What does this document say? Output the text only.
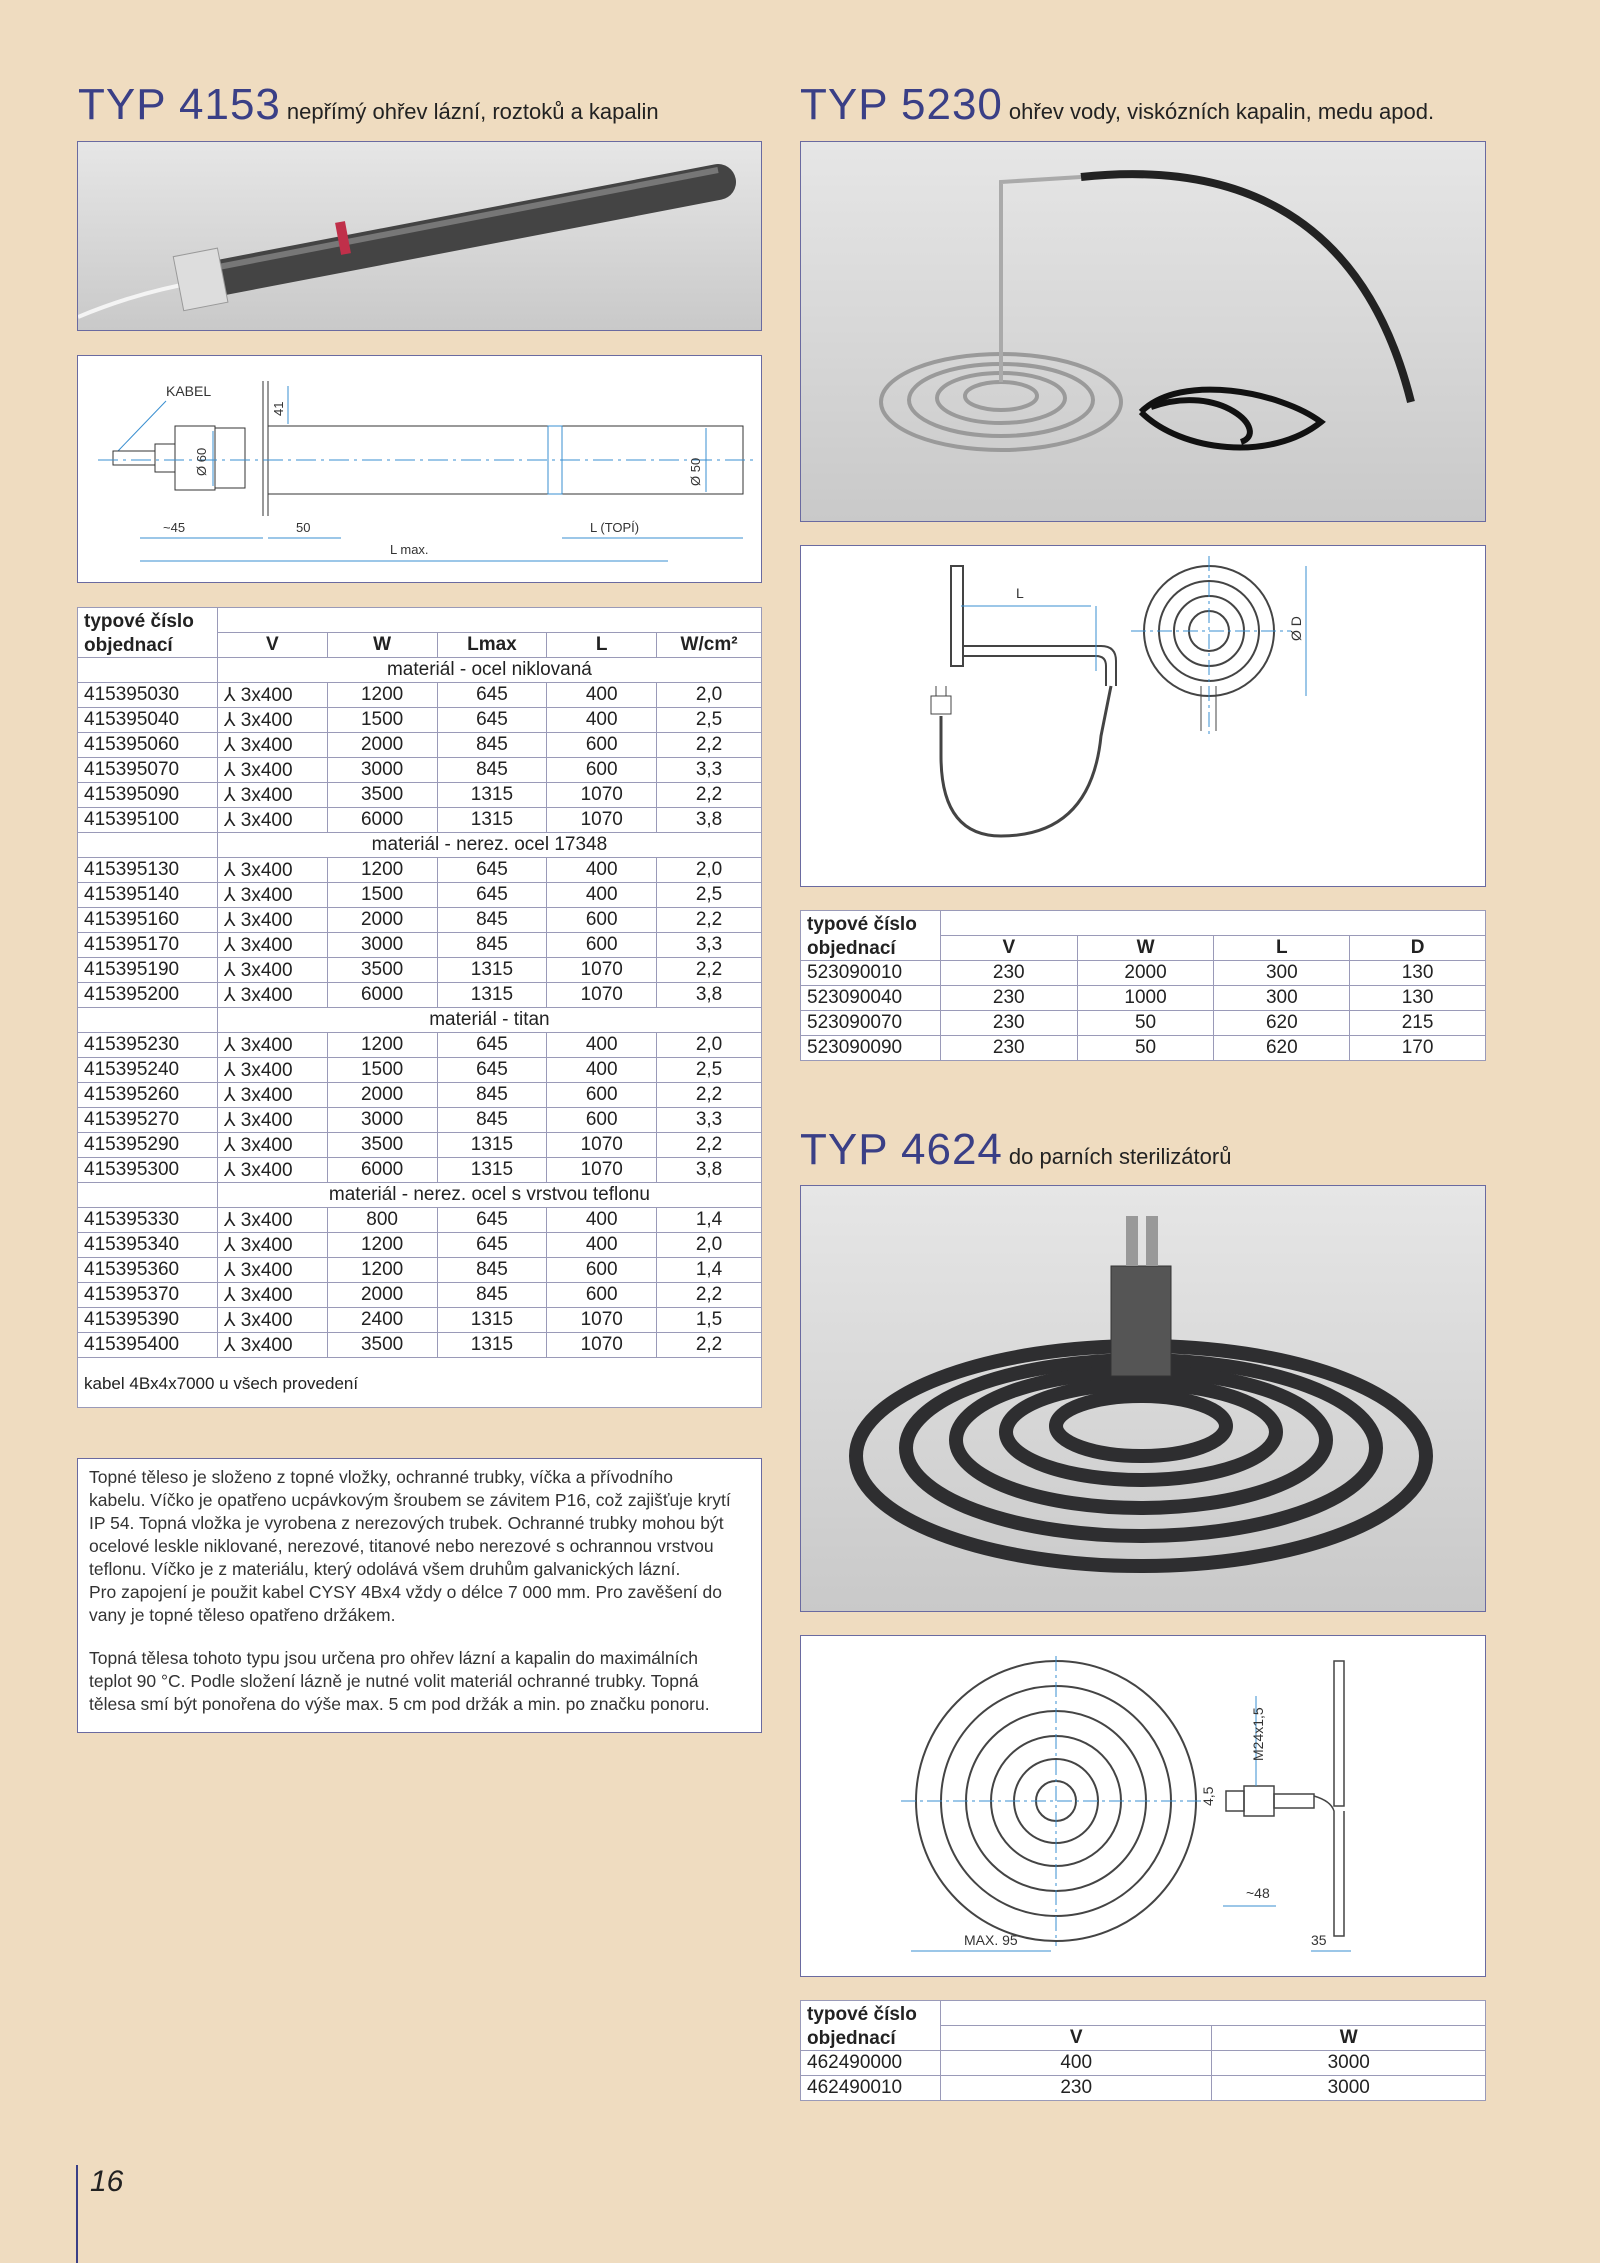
TYP 4153 nepřímý ohřev lázní, roztoků a kapalin	TYP 5230 ohřev vody, viskózních kapalin, medu apod.
TYP 4624 do parních sterilizátorů
KABEL
41
Ø 60	Ø 50
~45	50	L (TOPÍ)
L max.
typové číslo					
objednací	V	W	Lmax	L	W/cm²
	materiál - ocel niklovaná				
415395030	⅄ 3x400	1200	645	400	2,0
415395040	⅄ 3x400	1500	645	400	2,5
415395060	⅄ 3x400	2000	845	600	2,2
415395070	⅄ 3x400	3000	845	600	3,3
415395090	⅄ 3x400	3500	1315	1070	2,2
415395100	⅄ 3x400	6000	1315	1070	3,8
	materiál - nerez. ocel 17348				
415395130	⅄ 3x400	1200	645	400	2,0
415395140	⅄ 3x400	1500	645	400	2,5
415395160	⅄ 3x400	2000	845	600	2,2
415395170	⅄ 3x400	3000	845	600	3,3
415395190	⅄ 3x400	3500	1315	1070	2,2
415395200	⅄ 3x400	6000	1315	1070	3,8
	materiál - titan				
415395230	⅄ 3x400	1200	645	400	2,0
415395240	⅄ 3x400	1500	645	400	2,5
415395260	⅄ 3x400	2000	845	600	2,2
415395270	⅄ 3x400	3000	845	600	3,3
415395290	⅄ 3x400	3500	1315	1070	2,2
415395300	⅄ 3x400	6000	1315	1070	3,8
	materiál - nerez. ocel s vrstvou teflonu				
415395330	⅄ 3x400	800	645	400	1,4
415395340	⅄ 3x400	1200	645	400	2,0
415395360	⅄ 3x400	1200	845	600	1,4
415395370	⅄ 3x400	2000	845	600	2,2
415395390	⅄ 3x400	2400	1315	1070	1,5
415395400	⅄ 3x400	3500	1315	1070	2,2

kabel 4Bx4x7000 u všech provedení					
Topné těleso je složeno z topné vložky, ochranné trubky, víčka a přívodního
kabelu. Víčko je opatřeno ucpávkovým šroubem se závitem P16, což zajišťuje krytí
IP 54. Topná vložka je vyrobena z nerezových trubek. Ochranné trubky mohou být
ocelové leskle niklované, nerezové, titanové nebo nerezové s ochrannou vrstvou
teflonu. Víčko je z materiálu, který odolává všem druhům galvanických lázní.
Pro zapojení je použit kabel CYSY 4Bx4 vždy o délce 7 000 mm. Pro zavěšení do
vany je topné těleso opatřeno držákem.
Topná tělesa tohoto typu jsou určena pro ohřev lázní a kapalin do maximálních
teplot 90 °C. Podle složení lázně je nutné volit materiál ochranné trubky. Topná
tělesa smí být ponořena do výše max. 5 cm pod držák a min. po značku ponoru.
L
Ø D
typové číslo				
objednací	V	W	L	D
523090010	230	2000	300	130
523090040	230	1000	300	130
523090070	230	50	620	215
523090090	230	50	620	170
M24x1,5
4,5
~48
MAX. 95	35
typové číslo		
objednací	V	W
462490000	400	3000
462490010	230	3000
16
